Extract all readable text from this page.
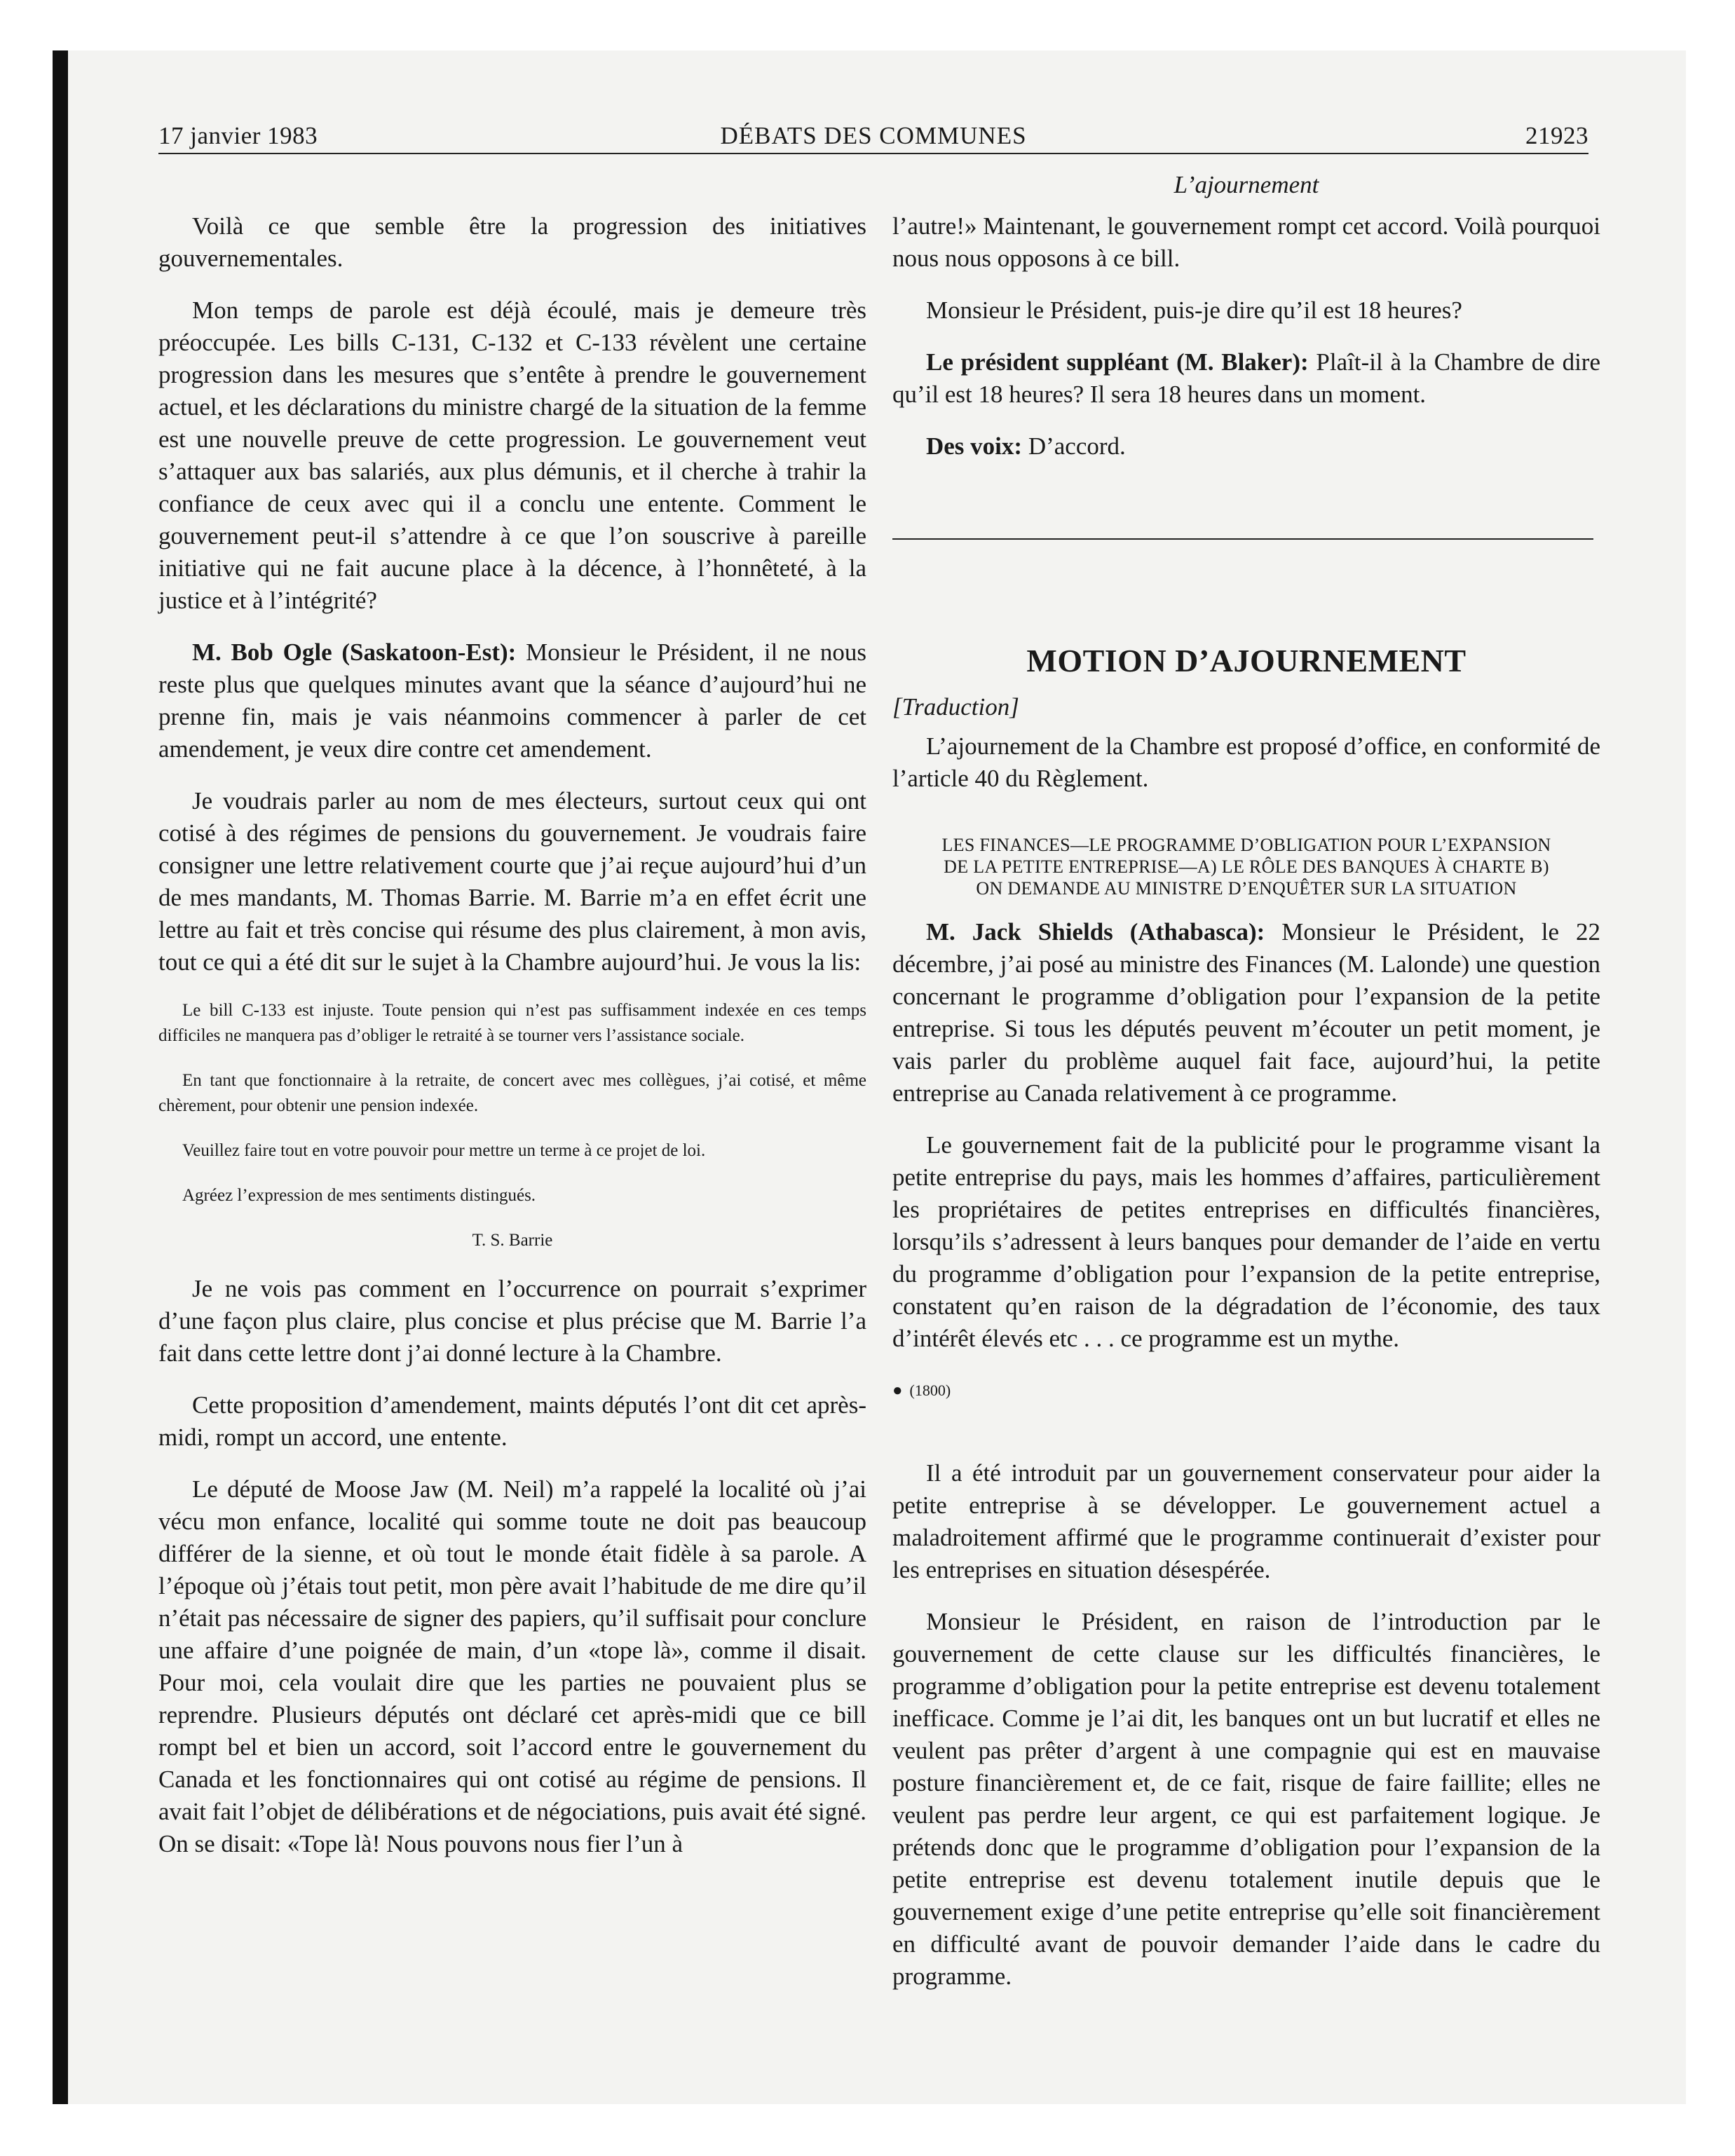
DÉBATS DES COMMUNES
17 janvier 1983	21923
L’ajournement

Voilà ce que semble être la progression des initiatives gouvernementales.

Mon temps de parole est déjà écoulé, mais je demeure très préoccupée. Les bills C-131, C-132 et C-133 révèlent une certaine progression dans les mesures que s’entête à prendre le gouvernement actuel, et les déclarations du ministre chargé de la situation de la femme est une nouvelle preuve de cette progression. Le gouvernement veut s’attaquer aux bas salariés, aux plus démunis, et il cherche à trahir la confiance de ceux avec qui il a conclu une entente. Comment le gouvernement peut-il s’attendre à ce que l’on souscrive à pareille initiative qui ne fait aucune place à la décence, à l’honnêteté, à la justice et à l’intégrité?

M. Bob Ogle (Saskatoon-Est): Monsieur le Président, il ne nous reste plus que quelques minutes avant que la séance d’aujourd’hui ne prenne fin, mais je vais néanmoins commencer à parler de cet amendement, je veux dire contre cet amendement.

Je voudrais parler au nom de mes électeurs, surtout ceux qui ont cotisé à des régimes de pensions du gouvernement. Je voudrais faire consigner une lettre relativement courte que j’ai reçue aujourd’hui d’un de mes mandants, M. Thomas Barrie. M. Barrie m’a en effet écrit une lettre au fait et très concise qui résume des plus clairement, à mon avis, tout ce qui a été dit sur le sujet à la Chambre aujourd’hui. Je vous la lis:

Le bill C-133 est injuste. Toute pension qui n’est pas suffisamment indexée en ces temps difficiles ne manquera pas d’obliger le retraité à se tourner vers l’assistance sociale.
En tant que fonctionnaire à la retraite, de concert avec mes collègues, j’ai cotisé, et même chèrement, pour obtenir une pension indexée.
Veuillez faire tout en votre pouvoir pour mettre un terme à ce projet de loi.
Agréez l’expression de mes sentiments distingués.
T. S. Barrie

Je ne vois pas comment en l’occurrence on pourrait s’exprimer d’une façon plus claire, plus concise et plus précise que M. Barrie l’a fait dans cette lettre dont j’ai donné lecture à la Chambre.

Cette proposition d’amendement, maints députés l’ont dit cet après-midi, rompt un accord, une entente.

Le député de Moose Jaw (M. Neil) m’a rappelé la localité où j’ai vécu mon enfance, localité qui somme toute ne doit pas beaucoup différer de la sienne, et où tout le monde était fidèle à sa parole. A l’époque où j’étais tout petit, mon père avait l’habitude de me dire qu’il n’était pas nécessaire de signer des papiers, qu’il suffisait pour conclure une affaire d’une poignée de main, d’un «tope là», comme il disait. Pour moi, cela voulait dire que les parties ne pouvaient plus se reprendre. Plusieurs députés ont déclaré cet après-midi que ce bill rompt bel et bien un accord, soit l’accord entre le gouvernement du Canada et les fonctionnaires qui ont cotisé au régime de pensions. Il avait fait l’objet de délibérations et de négociations, puis avait été signé. On se disait: «Tope là! Nous pouvons nous fier l’un à

l’autre!» Maintenant, le gouvernement rompt cet accord. Voilà pourquoi nous nous opposons à ce bill.

Monsieur le Président, puis-je dire qu’il est 18 heures?

Le président suppléant (M. Blaker): Plaît-il à la Chambre de dire qu’il est 18 heures? Il sera 18 heures dans un moment.

Des voix: D’accord.

MOTION D’AJOURNEMENT
[Traduction]

L’ajournement de la Chambre est proposé d’office, en conformité de l’article 40 du Règlement.

LES FINANCES—LE PROGRAMME D’OBLIGATION POUR L’EXPANSION DE LA PETITE ENTREPRISE—A) LE RÔLE DES BANQUES À CHARTE B) ON DEMANDE AU MINISTRE D’ENQUÊTER SUR LA SITUATION

M. Jack Shields (Athabasca): Monsieur le Président, le 22 décembre, j’ai posé au ministre des Finances (M. Lalonde) une question concernant le programme d’obligation pour l’expansion de la petite entreprise. Si tous les députés peuvent m’écouter un petit moment, je vais parler du problème auquel fait face, aujourd’hui, la petite entreprise au Canada relativement à ce programme.

Le gouvernement fait de la publicité pour le programme visant la petite entreprise du pays, mais les hommes d’affaires, particulièrement les propriétaires de petites entreprises en difficultés financières, lorsqu’ils s’adressent à leurs banques pour demander de l’aide en vertu du programme d’obligation pour l’expansion de la petite entreprise, constatent qu’en raison de la dégradation de l’économie, des taux d’intérêt élevés etc . . . ce programme est un mythe.

● (1800)

Il a été introduit par un gouvernement conservateur pour aider la petite entreprise à se développer. Le gouvernement actuel a maladroitement affirmé que le programme continuerait d’exister pour les entreprises en situation désespérée.

Monsieur le Président, en raison de l’introduction par le gouvernement de cette clause sur les difficultés financières, le programme d’obligation pour la petite entreprise est devenu totalement inefficace. Comme je l’ai dit, les banques ont un but lucratif et elles ne veulent pas prêter d’argent à une compagnie qui est en mauvaise posture financièrement et, de ce fait, risque de faire faillite; elles ne veulent pas perdre leur argent, ce qui est parfaitement logique. Je prétends donc que le programme d’obligation pour l’expansion de la petite entreprise est devenu totalement inutile depuis que le gouvernement exige d’une petite entreprise qu’elle soit financièrement en difficulté avant de pouvoir demander l’aide dans le cadre du programme.
